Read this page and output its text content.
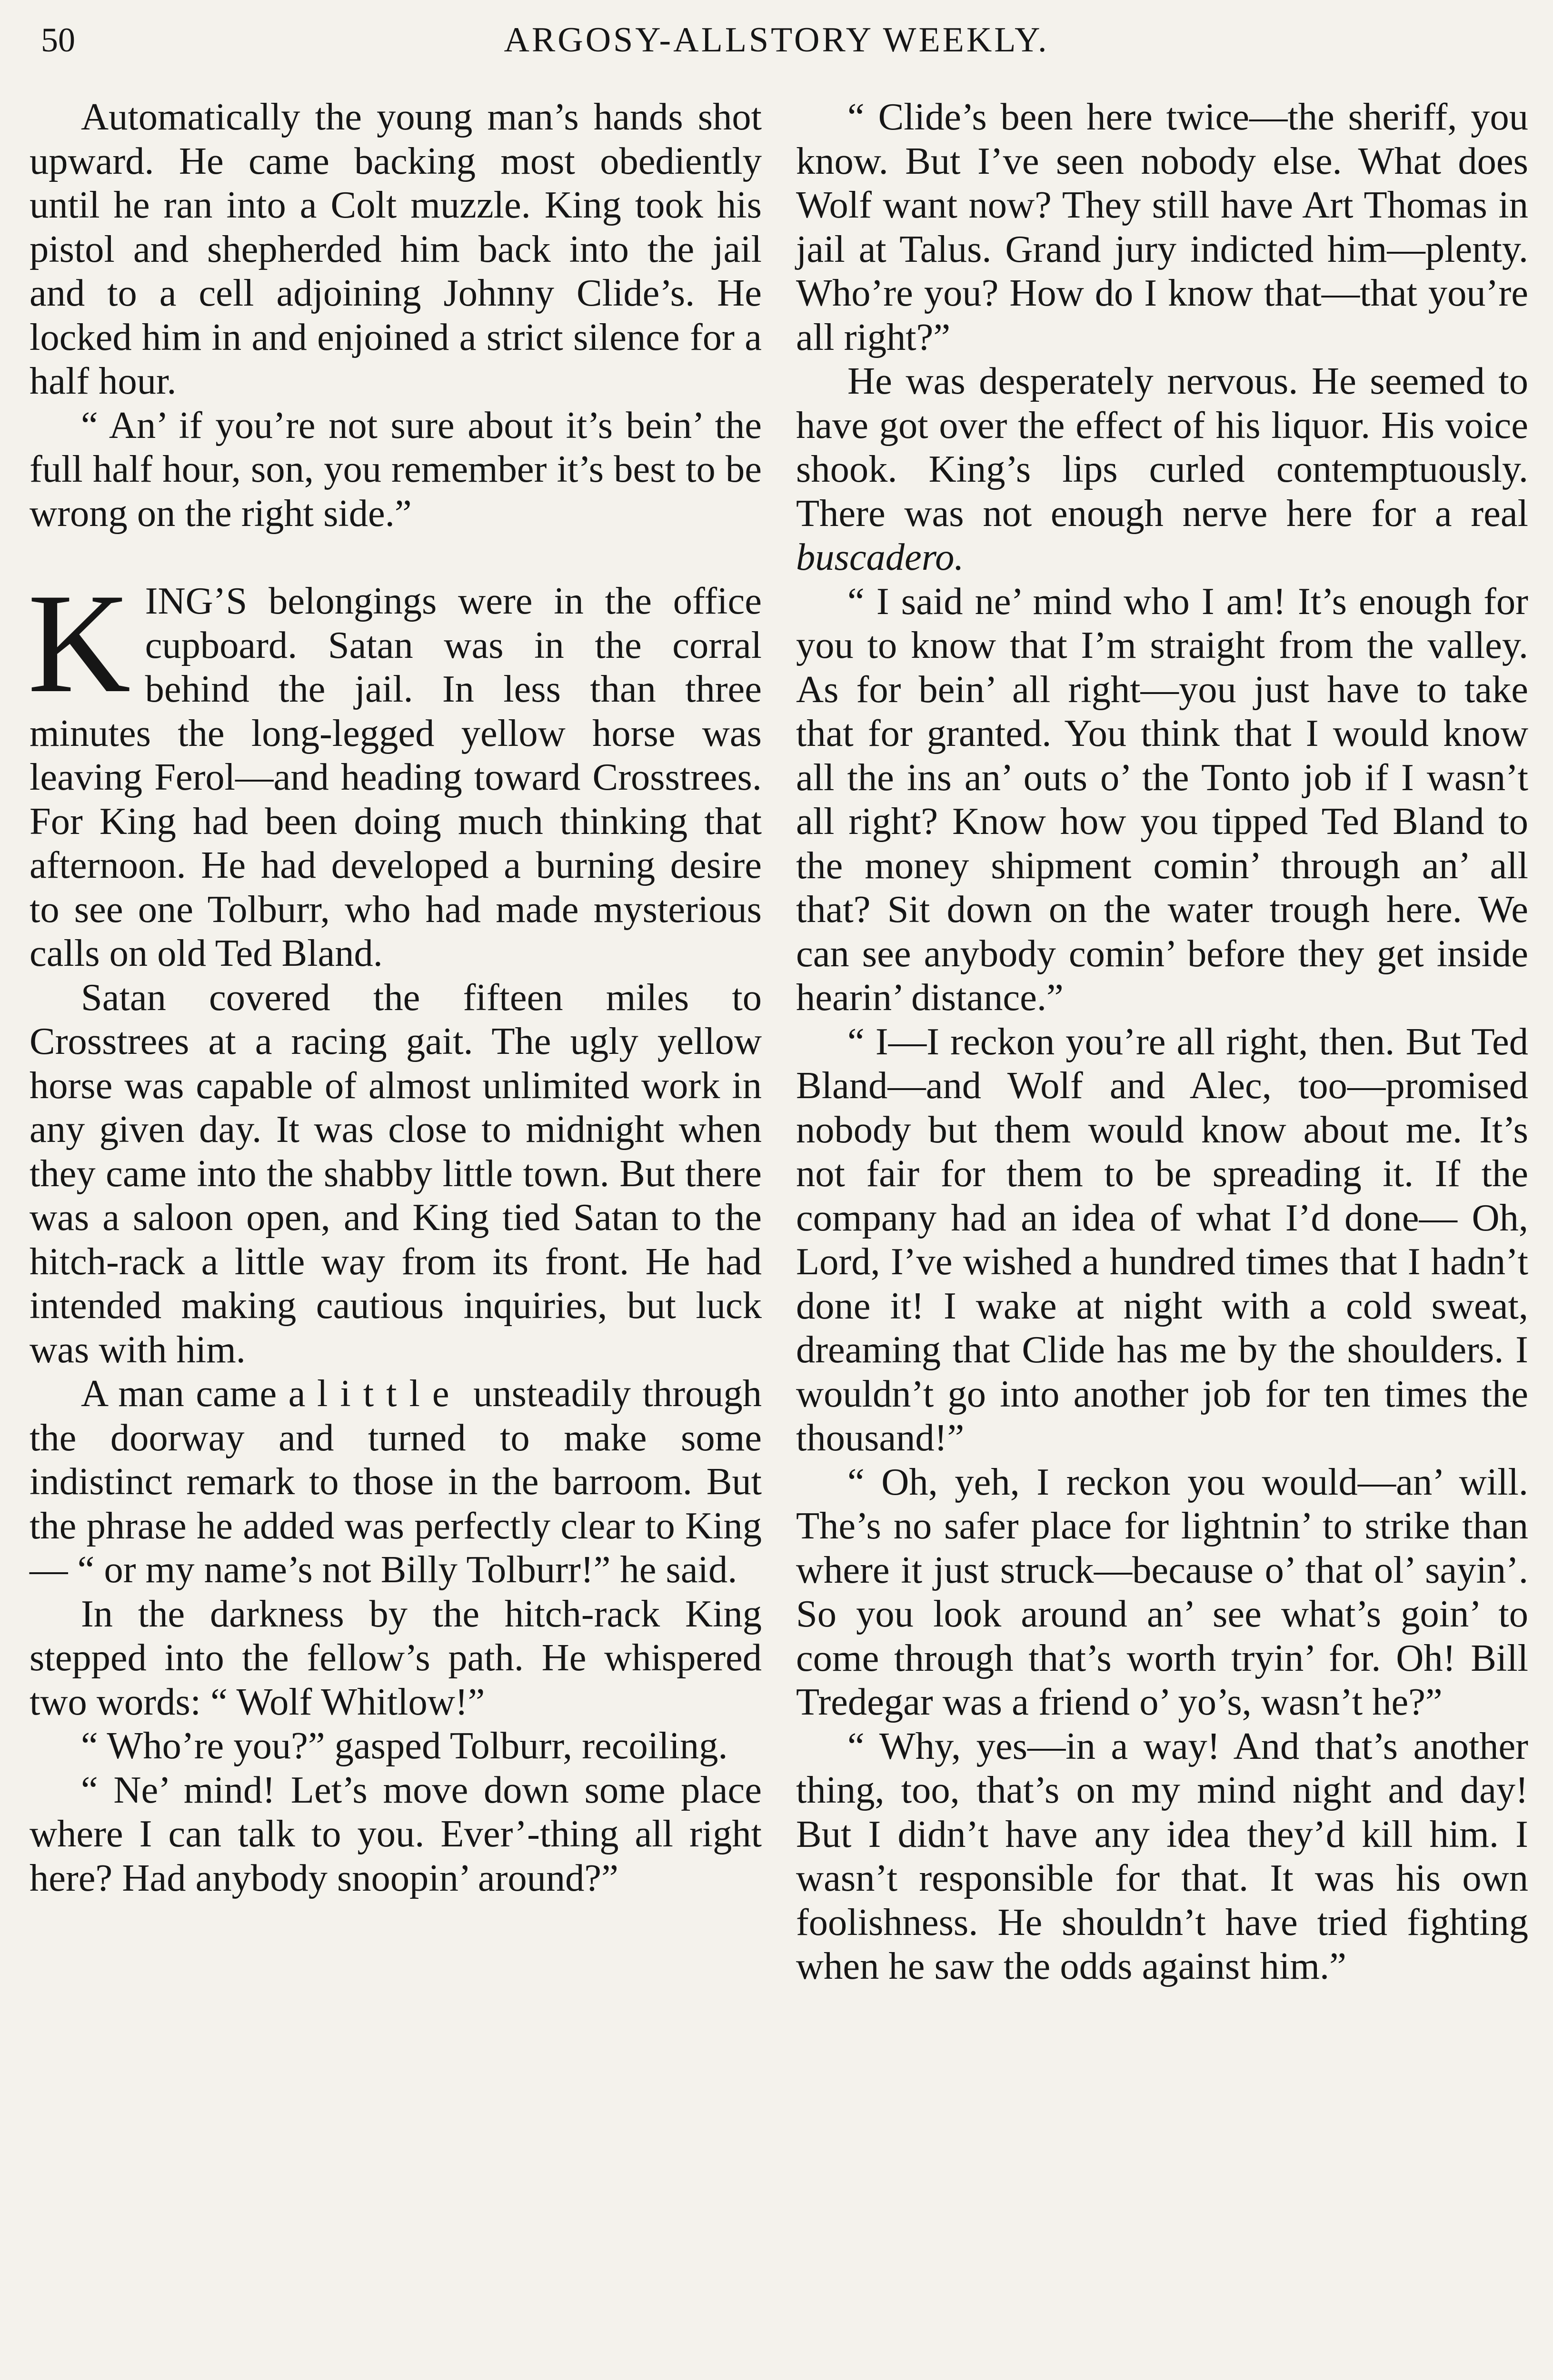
50	ARGOSY-ALLSTORY WEEKLY.

Automatically the young man’s hands shot upward. He came backing most obediently until he ran into a Colt muzzle. King took his pistol and shepherded him back into the jail and to a cell adjoining Johnny Clide’s. He locked him in and enjoined a strict silence for a half hour.

“ An’ if you’re not sure about it’s bein’ the full half hour, son, you remember it’s best to be wrong on the right side.”

KING’S belongings were in the office cupboard. Satan was in the corral behind the jail. In less than three minutes the long-legged yellow horse was leaving Ferol—and heading toward Crosstrees. For King had been doing much thinking that afternoon. He had developed a burning desire to see one Tolburr, who had made mysterious calls on old Ted Bland.

Satan covered the fifteen miles to Crosstrees at a racing gait. The ugly yellow horse was capable of almost unlimited work in any given day. It was close to midnight when they came into the shabby little town. But there was a saloon open, and King tied Satan to the hitch-rack a little way from its front. He had intended making cautious inquiries, but luck was with him.

A man came a little unsteadily through the doorway and turned to make some indistinct remark to those in the barroom. But the phrase he added was perfectly clear to King— “ or my name’s not Billy Tolburr!” he said.

In the darkness by the hitch-rack King stepped into the fellow’s path. He whispered two words: “ Wolf Whitlow!”

“ Who’re you?” gasped Tolburr, recoiling.

“ Ne’ mind! Let’s move down some place where I can talk to you. Ever’-thing all right here? Had anybody snoopin’ around?”

“ Clide’s been here twice—the sheriff, you know. But I’ve seen nobody else. What does Wolf want now? They still have Art Thomas in jail at Talus. Grand jury indicted him—plenty. Who’re you? How do I know that—that you’re all right?”

He was desperately nervous. He seemed to have got over the effect of his liquor. His voice shook. King’s lips curled contemptuously. There was not enough nerve here for a real buscadero.

“ I said ne’ mind who I am! It’s enough for you to know that I’m straight from the valley. As for bein’ all right—you just have to take that for granted. You think that I would know all the ins an’ outs o’ the Tonto job if I wasn’t all right? Know how you tipped Ted Bland to the money shipment comin’ through an’ all that? Sit down on the water trough here. We can see anybody comin’ before they get inside hearin’ distance.”

“ I—I reckon you’re all right, then. But Ted Bland—and Wolf and Alec, too—promised nobody but them would know about me. It’s not fair for them to be spreading it. If the company had an idea of what I’d done— Oh, Lord, I’ve wished a hundred times that I hadn’t done it! I wake at night with a cold sweat, dreaming that Clide has me by the shoulders. I wouldn’t go into another job for ten times the thousand!”

“ Oh, yeh, I reckon you would—an’ will. The’s no safer place for lightnin’ to strike than where it just struck—because o’ that ol’ sayin’. So you look around an’ see what’s goin’ to come through that’s worth tryin’ for. Oh! Bill Tredegar was a friend o’ yo’s, wasn’t he?”

“ Why, yes—in a way! And that’s another thing, too, that’s on my mind night and day! But I didn’t have any idea they’d kill him. I wasn’t responsible for that. It was his own foolishness. He shouldn’t have tried fighting when he saw the odds against him.”
